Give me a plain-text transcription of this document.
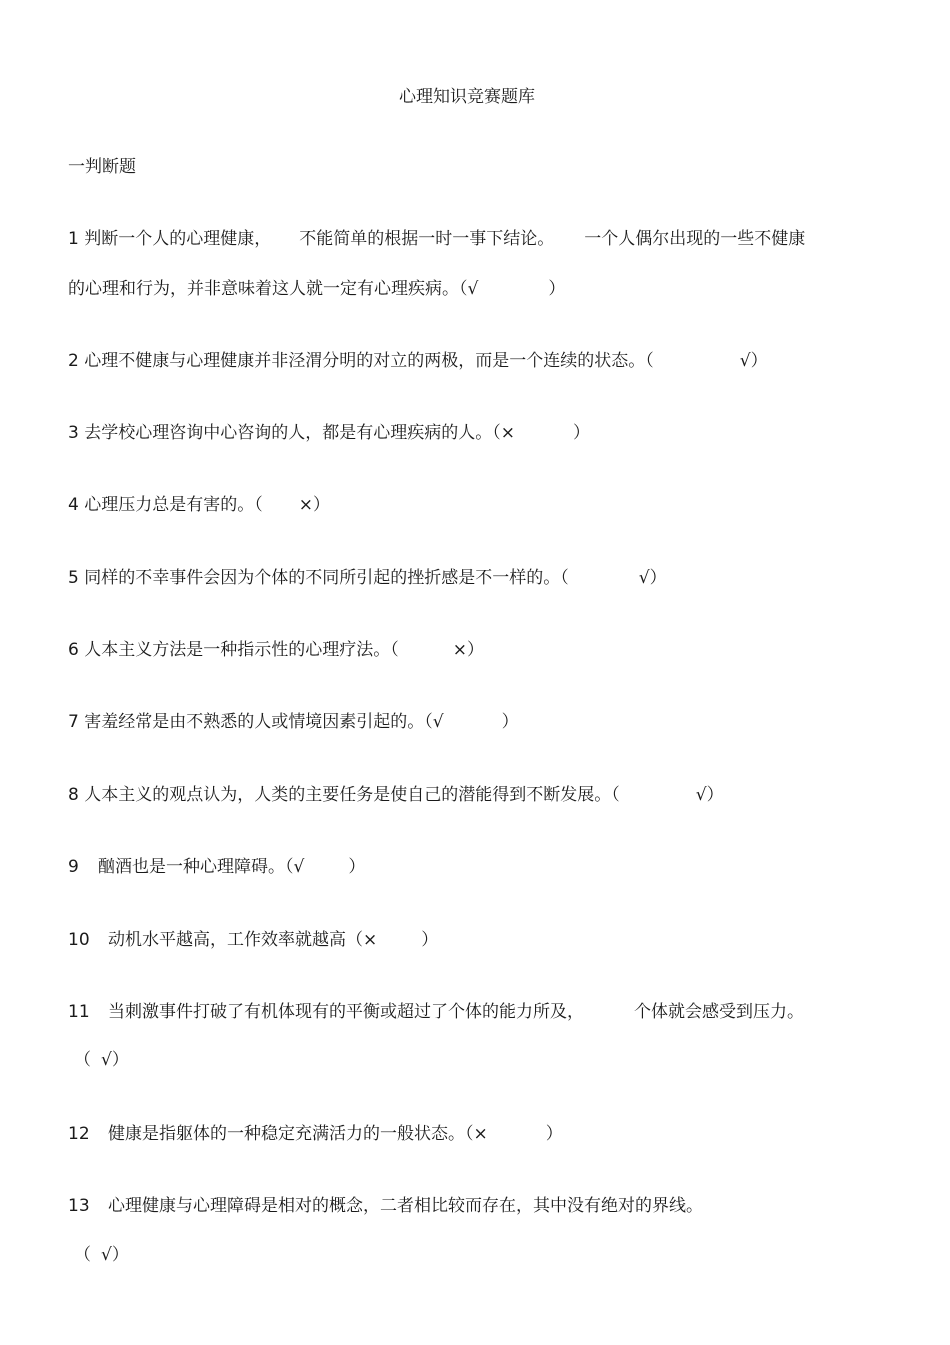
心理知识竞赛题库
一判断题
1 判断一个人的心理健康， 不能简单的根据一时一事下结论。 一个人偶尔出现的一些不健康
的心理和行为，并非意味着这人就一定有心理疾病。（√	）
2 心理不健康与心理健康并非泾渭分明的对立的两极，而是一个连续的状态。（	√）
3 去学校心理咨询中心咨询的人，都是有心理疾病的人。（×	）
4 心理压力总是有害的。（ ×）
5 同样的不幸事件会因为个体的不同所引起的挫折感是不一样的。（	√）
6 人本主义方法是一种指示性的心理疗法。（	×）
7 害羞经常是由不熟悉的人或情境因素引起的。（√	）
8 人本主义的观点认为，人类的主要任务是使自己的潜能得到不断发展。（	√）
9 酗酒也是一种心理障碍。（√	）
10 动机水平越高，工作效率就越高（×	）
11 当刺激事件打破了有机体现有的平衡或超过了个体的能力所及，	个体就会感受到压力。
（ √）
12 健康是指躯体的一种稳定充满活力的一般状态。（×	）
13 心理健康与心理障碍是相对的概念，二者相比较而存在，其中没有绝对的界线。
（ √）
